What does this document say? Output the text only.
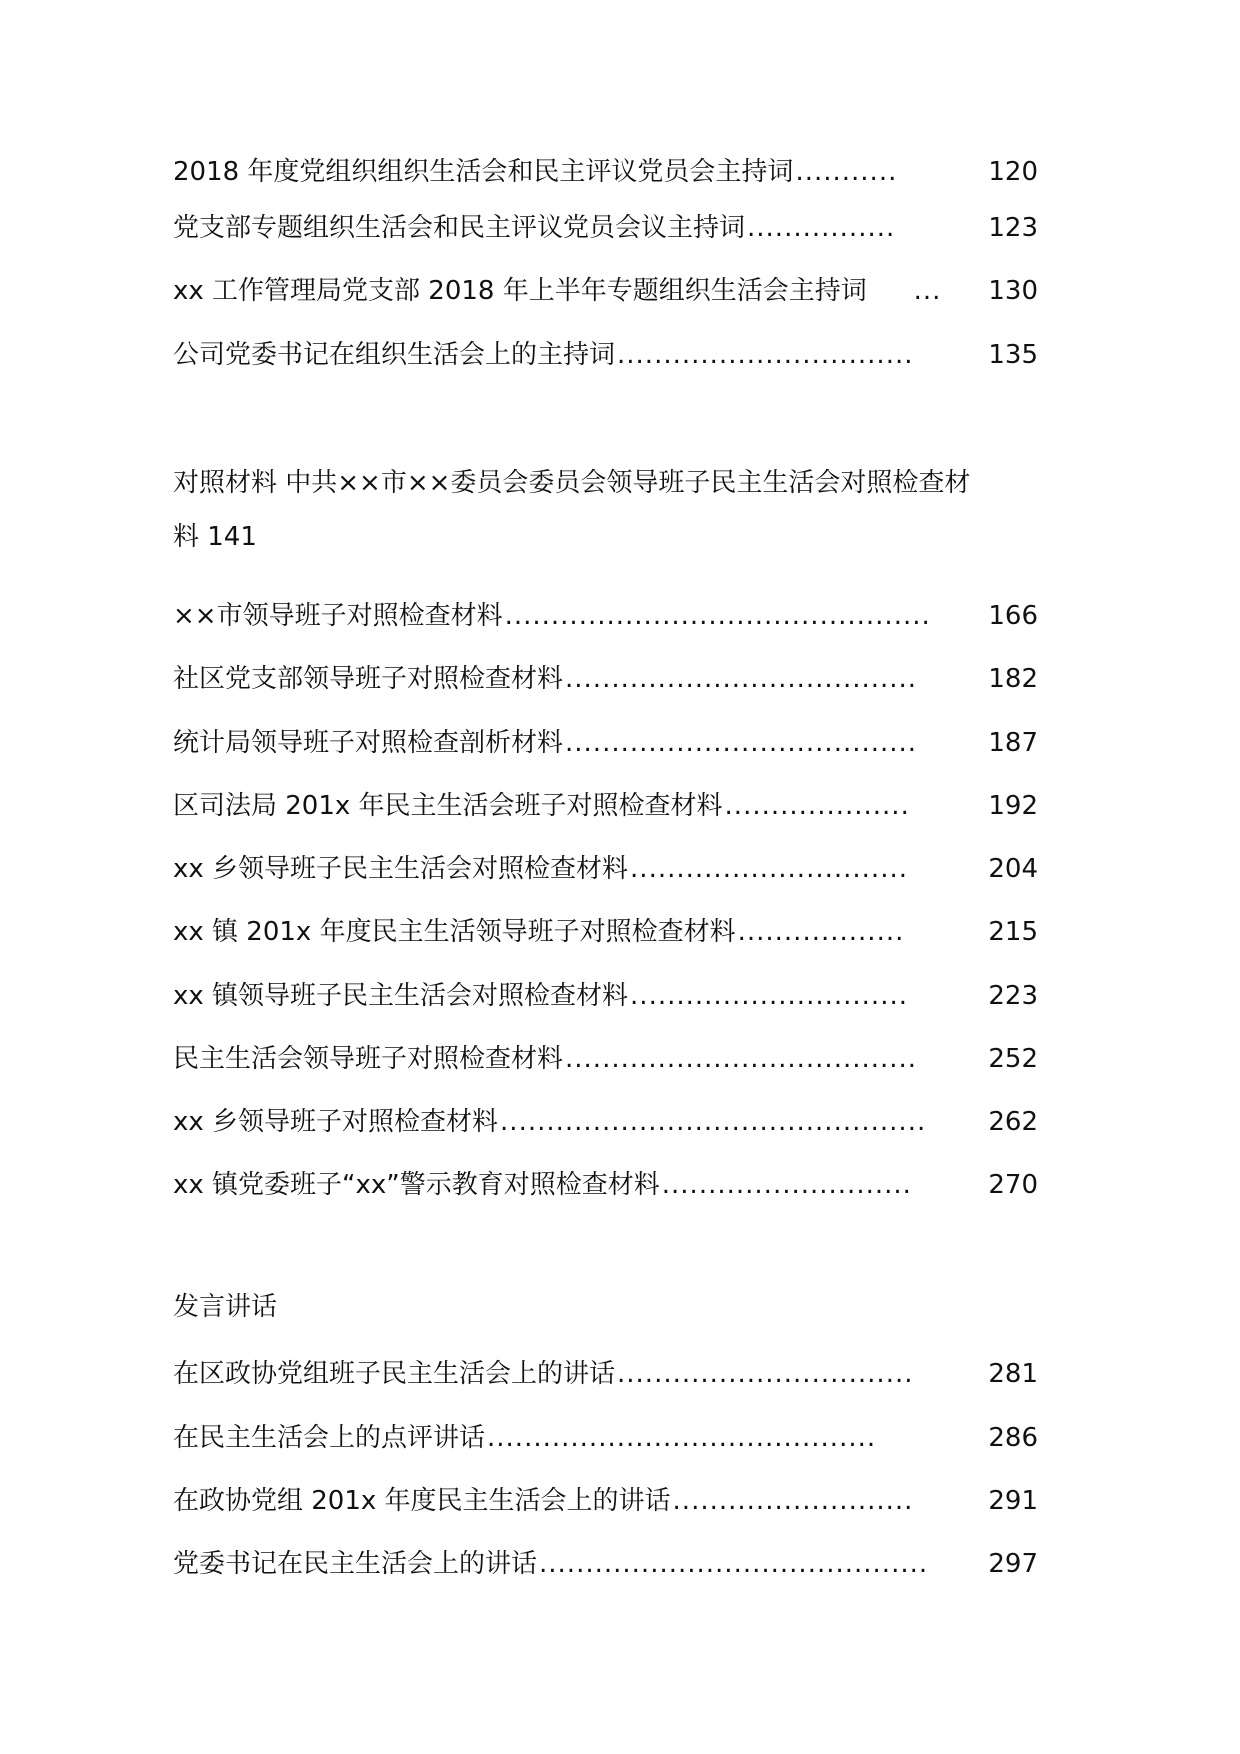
2018 年度党组织组织生活会和民主评议党员会主持词 ...........	120
党支部专题组织生活会和民主评议党员会议主持词 ................	123
xx 工作管理局党支部 2018 年上半年专题组织生活会主持词	...	130
公司党委书记在组织生活会上的主持词 ................................	135
对照材料 中共××市××委员会委员会领导班子民主生活会对照检查材
料 141
××市领导班子对照检查材料 ..............................................	166
社区党支部领导班子对照检查材料 ......................................	182
统计局领导班子对照检查剖析材料 ......................................	187
区司法局 201x 年民主生活会班子对照检查材料 ....................	192
xx 乡领导班子民主生活会对照检查材料 ..............................	204
xx 镇 201x 年度民主生活领导班子对照检查材料 ..................	215
xx 镇领导班子民主生活会对照检查材料 ..............................	223
民主生活会领导班子对照检查材料 ......................................	252
xx 乡领导班子对照检查材料 ..............................................	262
xx 镇党委班子“xx”警示教育对照检查材料 ...........................	270
发言讲话
在区政协党组班子民主生活会上的讲话 ................................	281
在民主生活会上的点评讲话 ..........................................	286
在政协党组 201x 年度民主生活会上的讲话 ..........................	291
党委书记在民主生活会上的讲话 ..........................................	297
